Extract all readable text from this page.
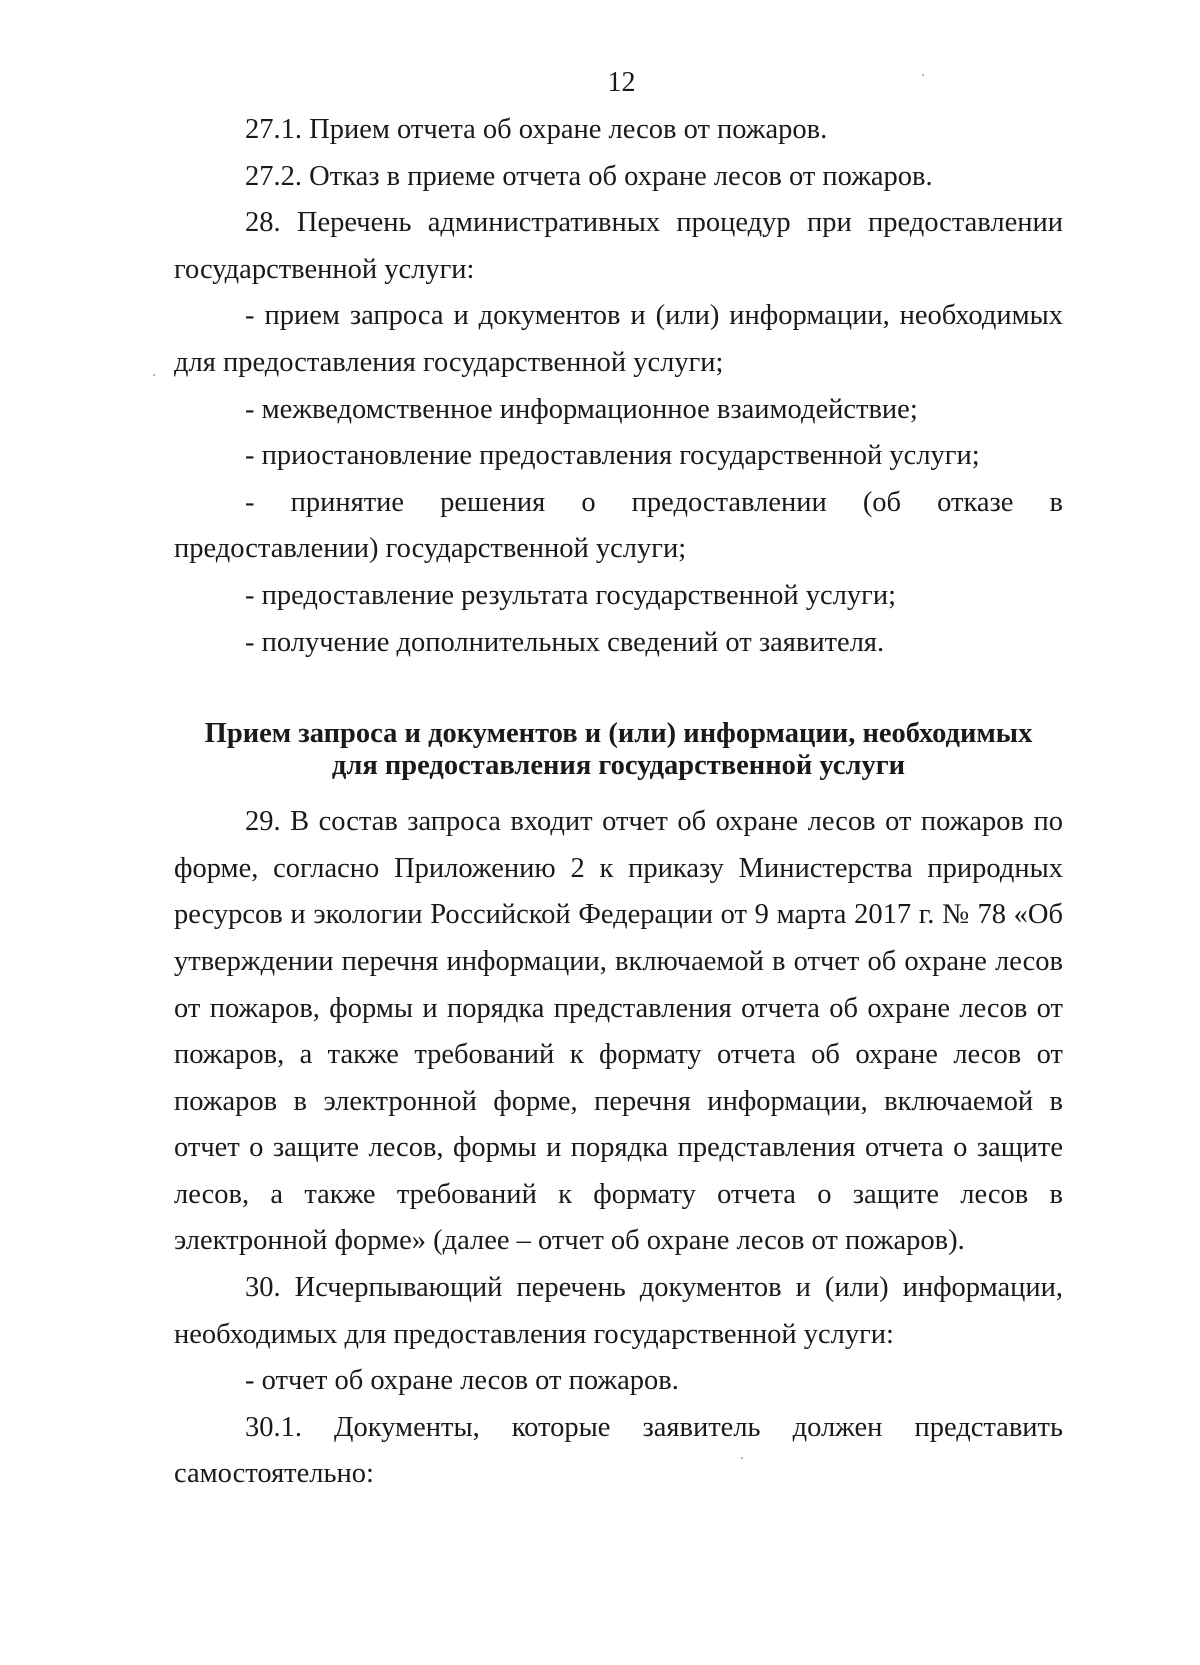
12

27.1. Прием отчета об охране лесов от пожаров.

27.2. Отказ в приеме отчета об охране лесов от пожаров.

28. Перечень административных процедур при предоставлении государственной услуги:

- прием запроса и документов и (или) информации, необходимых для предоставления государственной услуги;

- межведомственное информационное взаимодействие;

- приостановление предоставления государственной услуги;

- принятие решения о предоставлении (об отказе в предоставлении) государственной услуги;

- предоставление результата государственной услуги;

- получение дополнительных сведений от заявителя.

Прием запроса и документов и (или) информации, необходимых
для предоставления государственной услуги

29. В состав запроса входит отчет об охране лесов от пожаров по форме, согласно Приложению 2 к приказу Министерства природных ресурсов и экологии Российской Федерации от 9 марта 2017 г. № 78 «Об утверждении перечня информации, включаемой в отчет об охране лесов от пожаров, формы и порядка представления отчета об охране лесов от пожаров, а также требований к формату отчета об охране лесов от пожаров в электронной форме, перечня информации, включаемой в отчет о защите лесов, формы и порядка представления отчета о защите лесов, а также требований к формату отчета о защите лесов в электронной форме» (далее – отчет об охране лесов от пожаров).

30. Исчерпывающий перечень документов и (или) информации, необходимых для предоставления государственной услуги:

- отчет об охране лесов от пожаров.

30.1. Документы, которые заявитель должен представить самостоятельно:
